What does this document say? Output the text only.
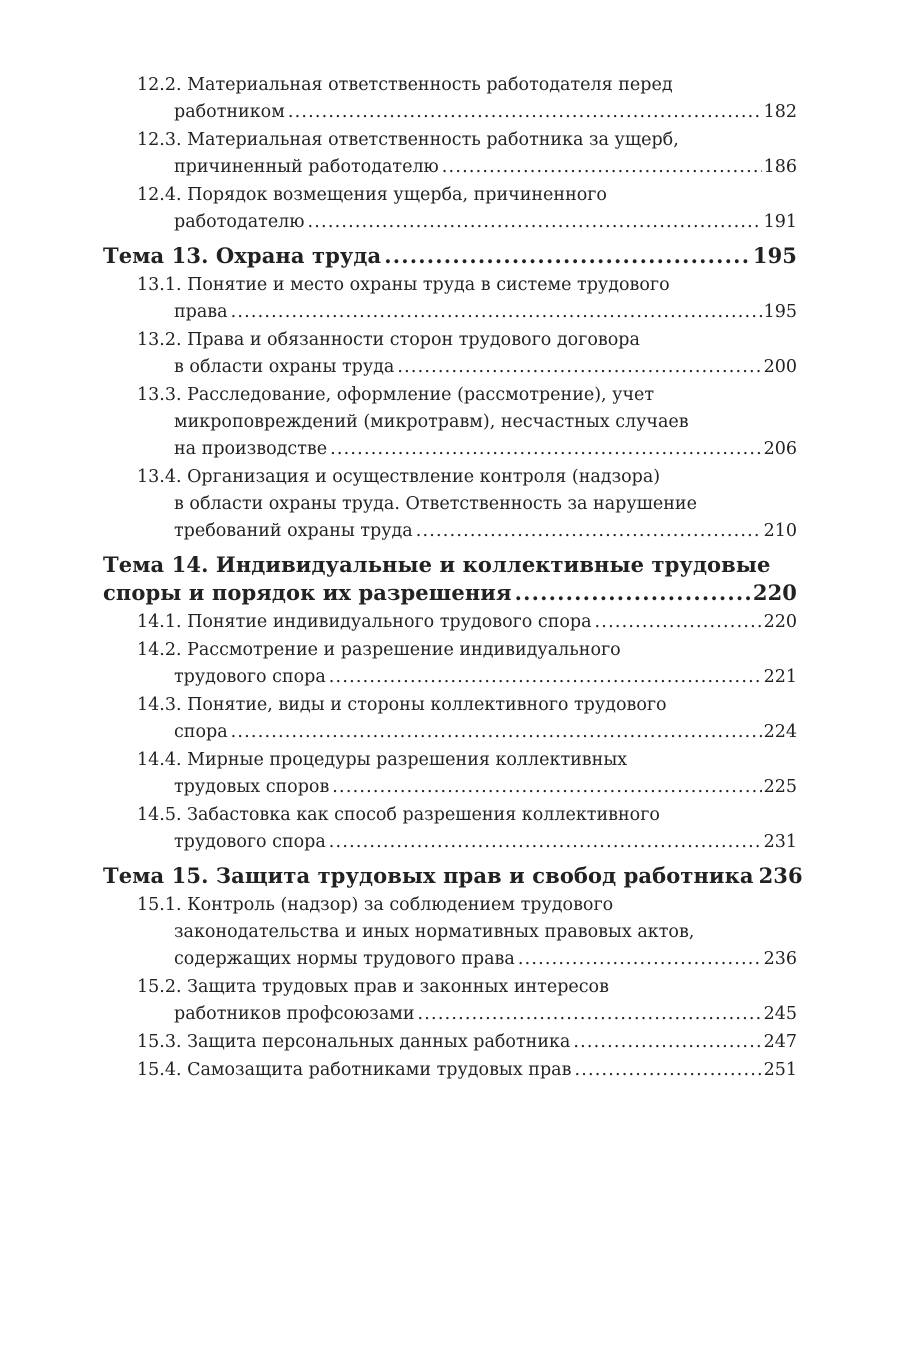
12.2. Материальная ответственность работодателя перед
работником .....	182
12.3. Материальная ответственность работника за ущерб,
причиненный работодателю .....	186
12.4. Порядок возмещения ущерба, причиненного
работодателю .....	191
Тема 13. Охрана труда .....	195
13.1. Понятие и место охраны труда в системе трудового
права .....	195
13.2. Права и обязанности сторон трудового договора
в области охраны труда .....	200
13.3. Расследование, оформление (рассмотрение), учет
микроповреждений (микротравм), несчастных случаев
на производстве .....	206
13.4. Организация и осуществление контроля (надзора)
в области охраны труда. Ответственность за нарушение
требований охраны труда .....	210
Тема 14. Индивидуальные и коллективные трудовые
споры и порядок их разрешения .....	220
14.1. Понятие индивидуального трудового спора .....	220
14.2. Рассмотрение и разрешение индивидуального
трудового спора .....	221
14.3. Понятие, виды и стороны коллективного трудового
спора .....	224
14.4. Мирные процедуры разрешения коллективных
трудовых споров .....	225
14.5. Забастовка как способ разрешения коллективного
трудового спора .....	231
Тема 15. Защита трудовых прав и свобод работника 236
15.1. Контроль (надзор) за соблюдением трудового
законодательства и иных нормативных правовых актов,
содержащих нормы трудового права .....	236
15.2. Защита трудовых прав и законных интересов
работников профсоюзами .....	245
15.3. Защита персональных данных работника .....	247
15.4. Самозащита работниками трудовых прав .....	251
